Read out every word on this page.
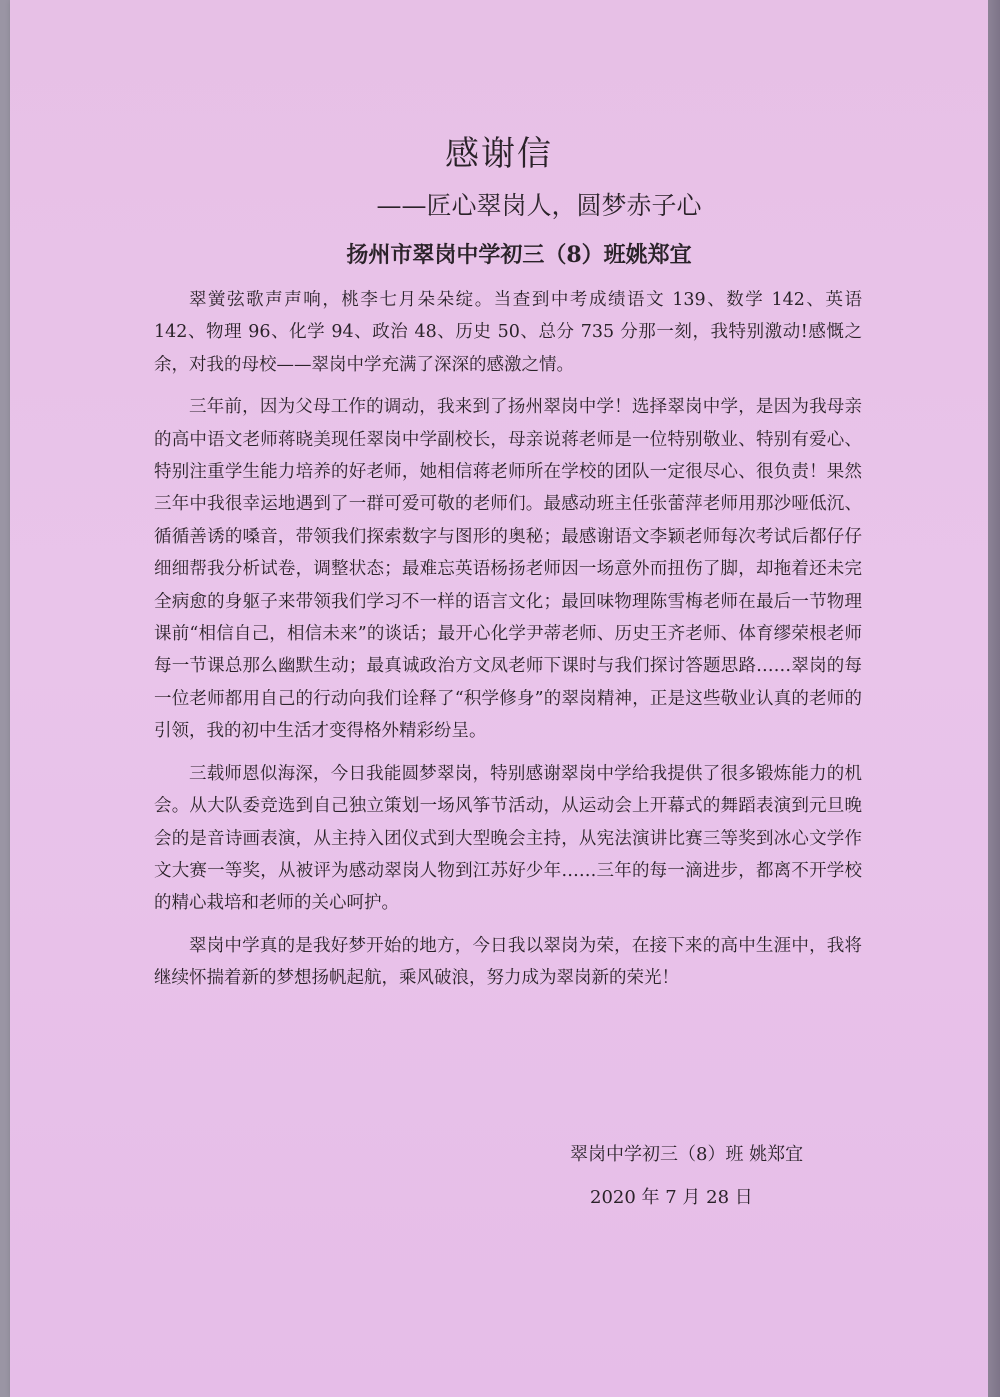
感谢信
——匠心翠岗人，圆梦赤子心
扬州市翠岗中学初三（8）班姚郑宜

翠黉弦歌声声响，桃李七月朵朵绽。当查到中考成绩语文 139、数学 142、英语 142、物理 96、化学 94、政治 48、历史 50、总分 735 分那一刻，我特别激动!感慨之余，对我的母校——翠岗中学充满了深深的感激之情。

三年前，因为父母工作的调动，我来到了扬州翠岗中学！选择翠岗中学，是因为我母亲的高中语文老师蒋晓美现任翠岗中学副校长，母亲说蒋老师是一位特别敬业、特别有爱心、特别注重学生能力培养的好老师，她相信蒋老师所在学校的团队一定很尽心、很负责！果然三年中我很幸运地遇到了一群可爱可敬的老师们。最感动班主任张蕾萍老师用那沙哑低沉、循循善诱的嗓音，带领我们探索数字与图形的奥秘；最感谢语文李颖老师每次考试后都仔仔细细帮我分析试卷，调整状态；最难忘英语杨扬老师因一场意外而扭伤了脚，却拖着还未完全病愈的身躯子来带领我们学习不一样的语言文化；最回味物理陈雪梅老师在最后一节物理课前“相信自己，相信未来”的谈话；最开心化学尹蒂老师、历史王齐老师、体育缪荣根老师每一节课总那么幽默生动；最真诚政治方文凤老师下课时与我们探讨答题思路……翠岗的每一位老师都用自己的行动向我们诠释了“积学修身”的翠岗精神，正是这些敬业认真的老师的引领，我的初中生活才变得格外精彩纷呈。

三载师恩似海深，今日我能圆梦翠岗，特别感谢翠岗中学给我提供了很多锻炼能力的机会。从大队委竞选到自己独立策划一场风筝节活动，从运动会上开幕式的舞蹈表演到元旦晚会的是音诗画表演，从主持入团仪式到大型晚会主持，从宪法演讲比赛三等奖到冰心文学作文大赛一等奖，从被评为感动翠岗人物到江苏好少年……三年的每一滴进步，都离不开学校的精心栽培和老师的关心呵护。

翠岗中学真的是我好梦开始的地方，今日我以翠岗为荣，在接下来的高中生涯中，我将继续怀揣着新的梦想扬帆起航，乘风破浪，努力成为翠岗新的荣光！

翠岗中学初三（8）班 姚郑宜
2020 年 7 月 28 日
